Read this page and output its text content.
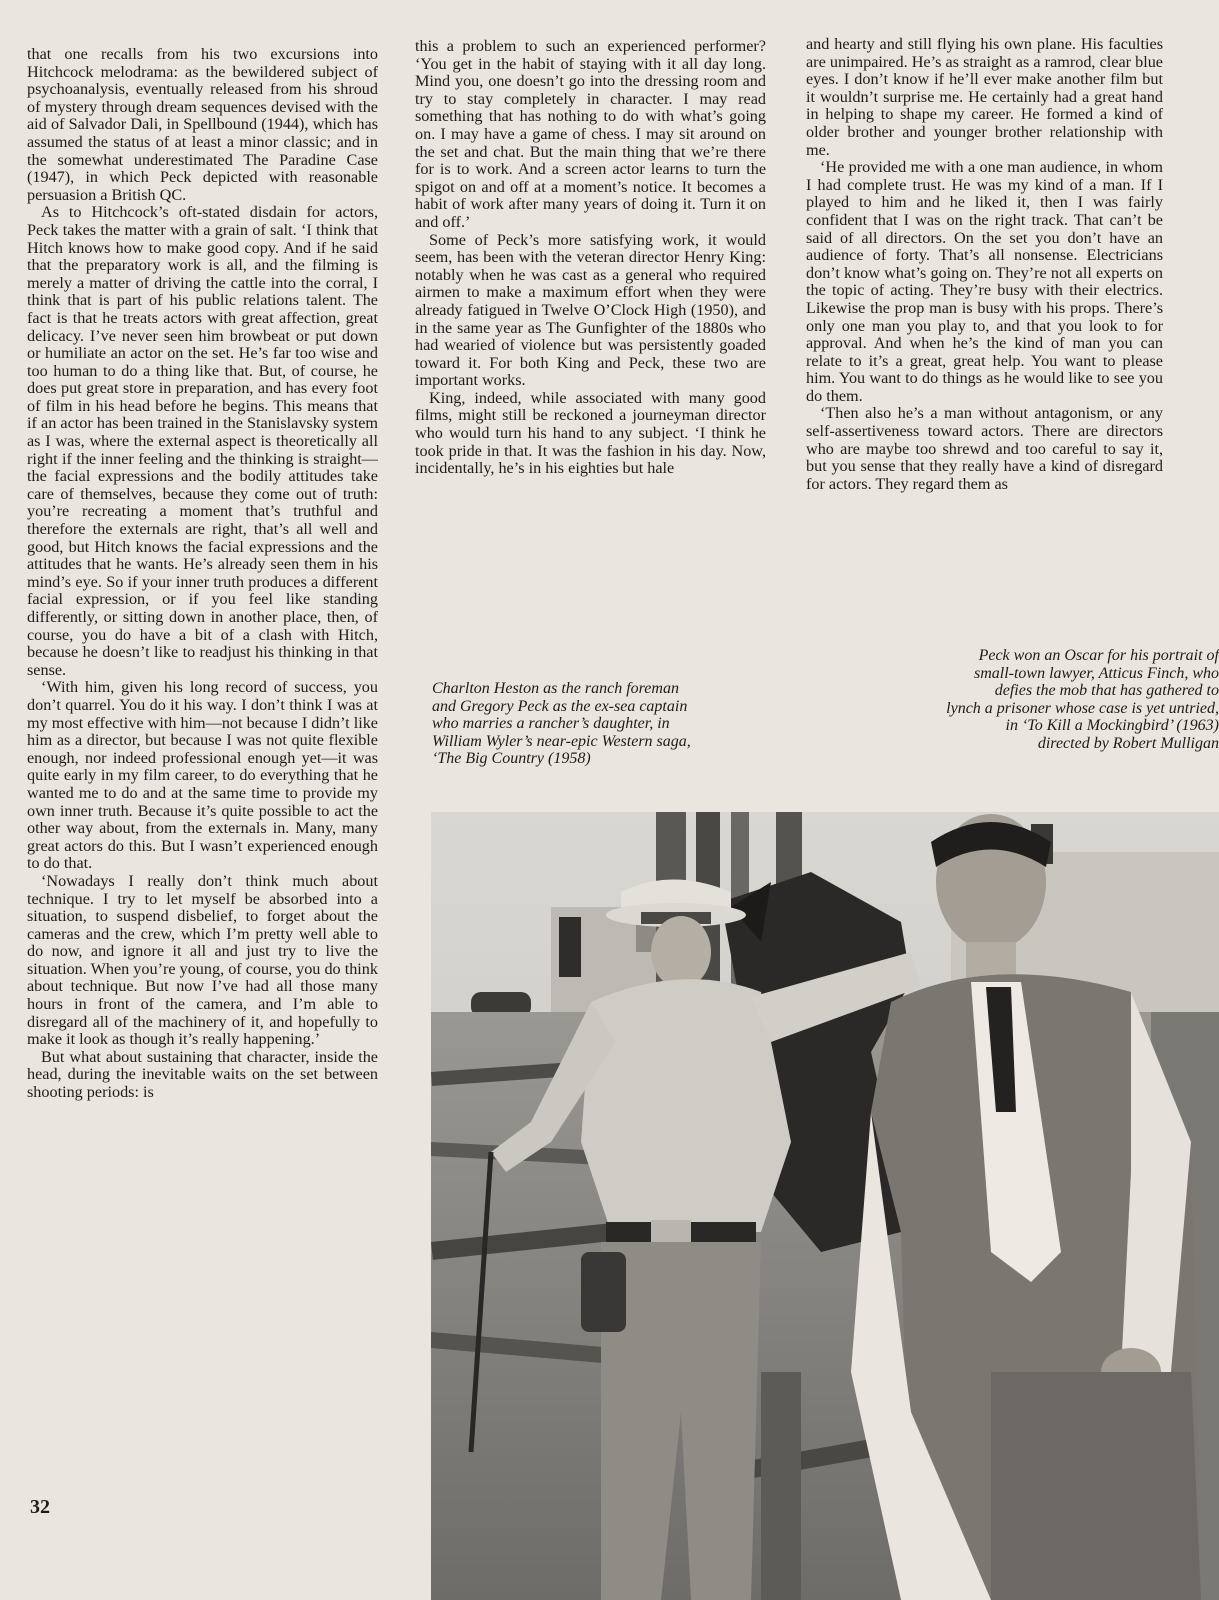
that one recalls from his two excursions into Hitchcock melodrama: as the bewildered subject of psychoanalysis, eventually released from his shroud of mystery through dream sequences devised with the aid of Salvador Dali, in Spellbound (1944), which has assumed the status of at least a minor classic; and in the somewhat underestimated The Paradine Case (1947), in which Peck depicted with reasonable persuasion a British QC.

As to Hitchcock’s oft-stated disdain for actors, Peck takes the matter with a grain of salt. ‘I think that Hitch knows how to make good copy. And if he said that the preparatory work is all, and the filming is merely a matter of driving the cattle into the corral, I think that is part of his public relations talent. The fact is that he treats actors with great affection, great delicacy. I’ve never seen him browbeat or put down or humiliate an actor on the set. He’s far too wise and too human to do a thing like that. But, of course, he does put great store in preparation, and has every foot of film in his head before he begins. This means that if an actor has been trained in the Stanislavsky system as I was, where the external aspect is theoretically all right if the inner feeling and the thinking is straight—the facial expressions and the bodily attitudes take care of themselves, because they come out of truth: you’re recreating a moment that’s truthful and therefore the externals are right, that’s all well and good, but Hitch knows the facial expressions and the attitudes that he wants. He’s already seen them in his mind’s eye. So if your inner truth produces a different facial expression, or if you feel like standing differently, or sitting down in another place, then, of course, you do have a bit of a clash with Hitch, because he doesn’t like to readjust his thinking in that sense.

‘With him, given his long record of success, you don’t quarrel. You do it his way. I don’t think I was at my most effective with him—not because I didn’t like him as a director, but because I was not quite flexible enough, nor indeed professional enough yet—it was quite early in my film career, to do everything that he wanted me to do and at the same time to provide my own inner truth. Because it’s quite possible to act the other way about, from the externals in. Many, many great actors do this. But I wasn’t experienced enough to do that.

‘Nowadays I really don’t think much about technique. I try to let myself be absorbed into a situation, to suspend disbelief, to forget about the cameras and the crew, which I’m pretty well able to do now, and ignore it all and just try to live the situation. When you’re young, of course, you do think about technique. But now I’ve had all those many hours in front of the camera, and I’m able to disregard all of the machinery of it, and hopefully to make it look as though it’s really happening.’

But what about sustaining that character, inside the head, during the inevitable waits on the set between shooting periods: is

this a problem to such an experienced performer? ‘You get in the habit of staying with it all day long. Mind you, one doesn’t go into the dressing room and try to stay completely in character. I may read something that has nothing to do with what’s going on. I may have a game of chess. I may sit around on the set and chat. But the main thing that we’re there for is to work. And a screen actor learns to turn the spigot on and off at a moment’s notice. It becomes a habit of work after many years of doing it. Turn it on and off.’

Some of Peck’s more satisfying work, it would seem, has been with the veteran director Henry King: notably when he was cast as a general who required airmen to make a maximum effort when they were already fatigued in Twelve O’Clock High (1950), and in the same year as The Gunfighter of the 1880s who had wearied of violence but was persistently goaded toward it. For both King and Peck, these two are important works.

King, indeed, while associated with many good films, might still be reckoned a journeyman director who would turn his hand to any subject. ‘I think he took pride in that. It was the fashion in his day. Now, incidentally, he’s in his eighties but hale

and hearty and still flying his own plane. His faculties are unimpaired. He’s as straight as a ramrod, clear blue eyes. I don’t know if he’ll ever make another film but it wouldn’t surprise me. He certainly had a great hand in helping to shape my career. He formed a kind of older brother and younger brother relationship with me.

‘He provided me with a one man audience, in whom I had complete trust. He was my kind of a man. If I played to him and he liked it, then I was fairly confident that I was on the right track. That can’t be said of all directors. On the set you don’t have an audience of forty. That’s all nonsense. Electricians don’t know what’s going on. They’re not all experts on the topic of acting. They’re busy with their electrics. Likewise the prop man is busy with his props. There’s only one man you play to, and that you look to for approval. And when he’s the kind of man you can relate to it’s a great, great help. You want to please him. You want to do things as he would like to see you do them.

‘Then also he’s a man without antagonism, or any self-assertiveness toward actors. There are directors who are maybe too shrewd and too careful to say it, but you sense that they really have a kind of disregard for actors. They regard them as

Peck won an Oscar for his portrait of
small-town lawyer, Atticus Finch, who
defies the mob that has gathered to
lynch a prisoner whose case is yet untried,
in ‘To Kill a Mockingbird’ (1963)
directed by Robert Mulligan
Charlton Heston as the ranch foreman
and Gregory Peck as the ex-sea captain
who marries a rancher’s daughter, in
William Wyler’s near-epic Western saga,
‘The Big Country (1958)
32
